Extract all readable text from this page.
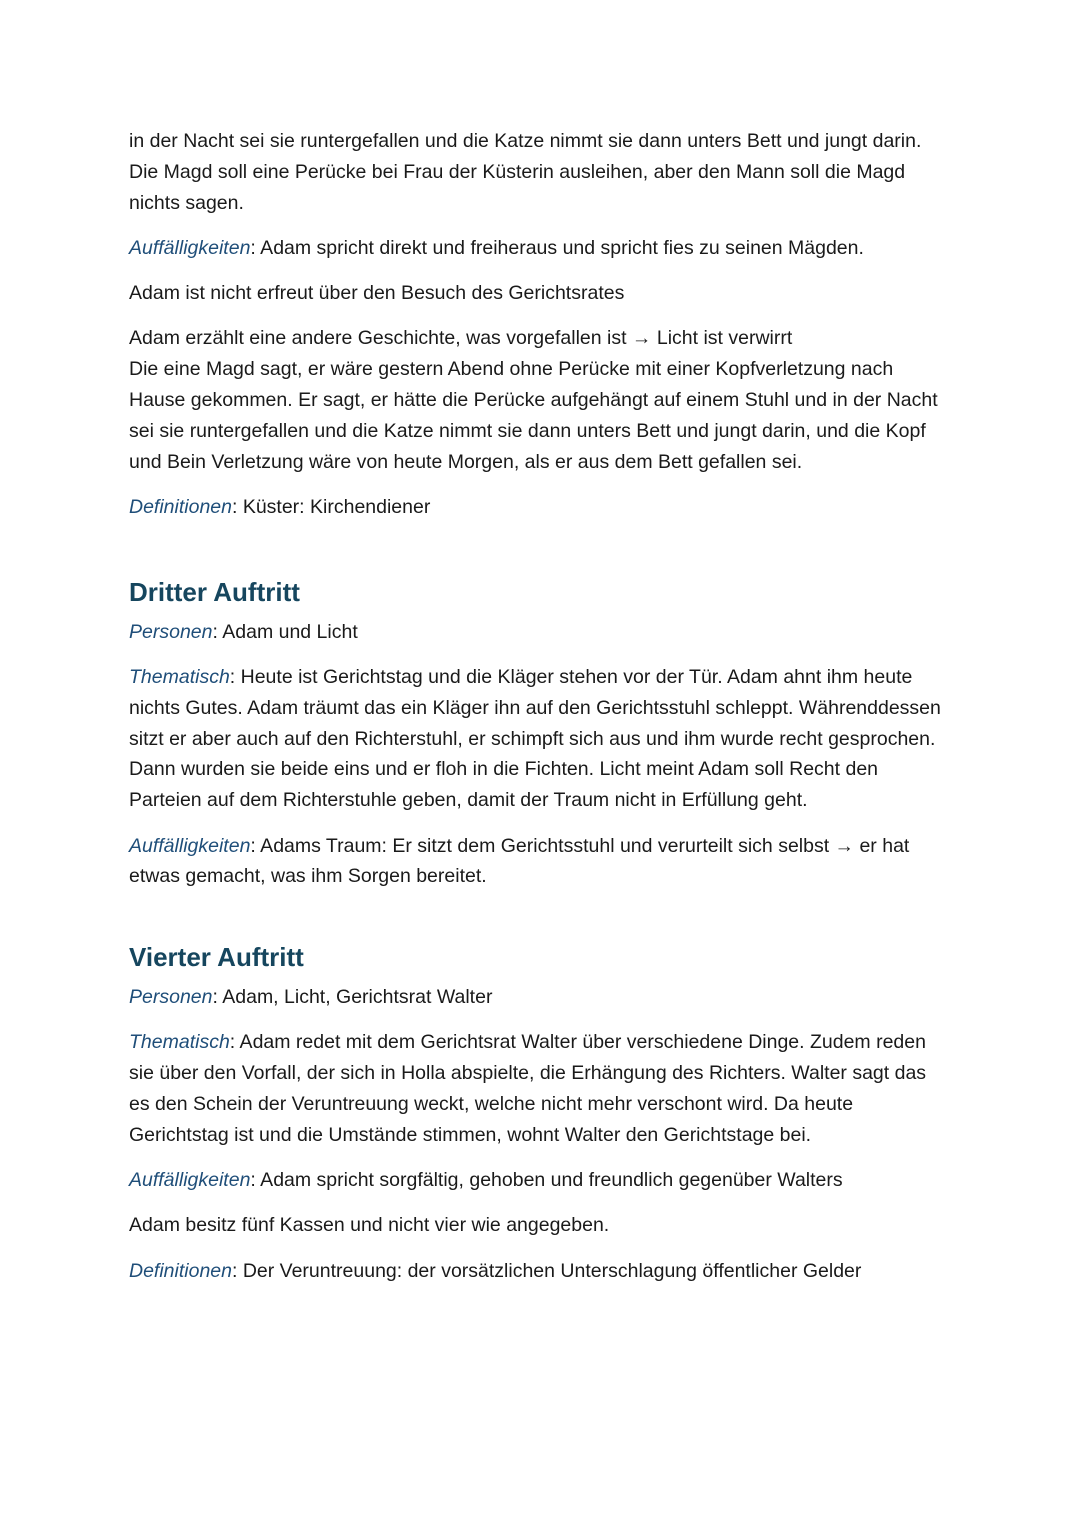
in der Nacht sei sie runtergefallen und die Katze nimmt sie dann unters Bett und jungt darin. Die Magd soll eine Perücke bei Frau der Küsterin ausleihen, aber den Mann soll die Magd nichts sagen.

Auffälligkeiten: Adam spricht direkt und freiheraus und spricht fies zu seinen Mägden.

Adam ist nicht erfreut über den Besuch des Gerichtsrates

Adam erzählt eine andere Geschichte, was vorgefallen ist → Licht ist verwirrt
Die eine Magd sagt, er wäre gestern Abend ohne Perücke mit einer Kopfverletzung nach Hause gekommen. Er sagt, er hätte die Perücke aufgehängt auf einem Stuhl und in der Nacht sei sie runtergefallen und die Katze nimmt sie dann unters Bett und jungt darin, und die Kopf und Bein Verletzung wäre von heute Morgen, als er aus dem Bett gefallen sei.

Definitionen: Küster: Kirchendiener

Dritter Auftritt

Personen: Adam und Licht

Thematisch: Heute ist Gerichtstag und die Kläger stehen vor der Tür. Adam ahnt ihm heute nichts Gutes. Adam träumt das ein Kläger ihn auf den Gerichtsstuhl schleppt. Währenddessen sitzt er aber auch auf den Richterstuhl, er schimpft sich aus und ihm wurde recht gesprochen. Dann wurden sie beide eins und er floh in die Fichten. Licht meint Adam soll Recht den Parteien auf dem Richterstuhle geben, damit der Traum nicht in Erfüllung geht.

Auffälligkeiten: Adams Traum: Er sitzt dem Gerichtsstuhl und verurteilt sich selbst → er hat etwas gemacht, was ihm Sorgen bereitet.

Vierter Auftritt

Personen: Adam, Licht, Gerichtsrat Walter

Thematisch: Adam redet mit dem Gerichtsrat Walter über verschiedene Dinge. Zudem reden sie über den Vorfall, der sich in Holla abspielte, die Erhängung des Richters. Walter sagt das es den Schein der Veruntreuung weckt, welche nicht mehr verschont wird. Da heute Gerichtstag ist und die Umstände stimmen, wohnt Walter den Gerichtstage bei.

Auffälligkeiten: Adam spricht sorgfältig, gehoben und freundlich gegenüber Walters

Adam besitz fünf Kassen und nicht vier wie angegeben.

Definitionen: Der Veruntreuung: der vorsätzlichen Unterschlagung öffentlicher Gelder
